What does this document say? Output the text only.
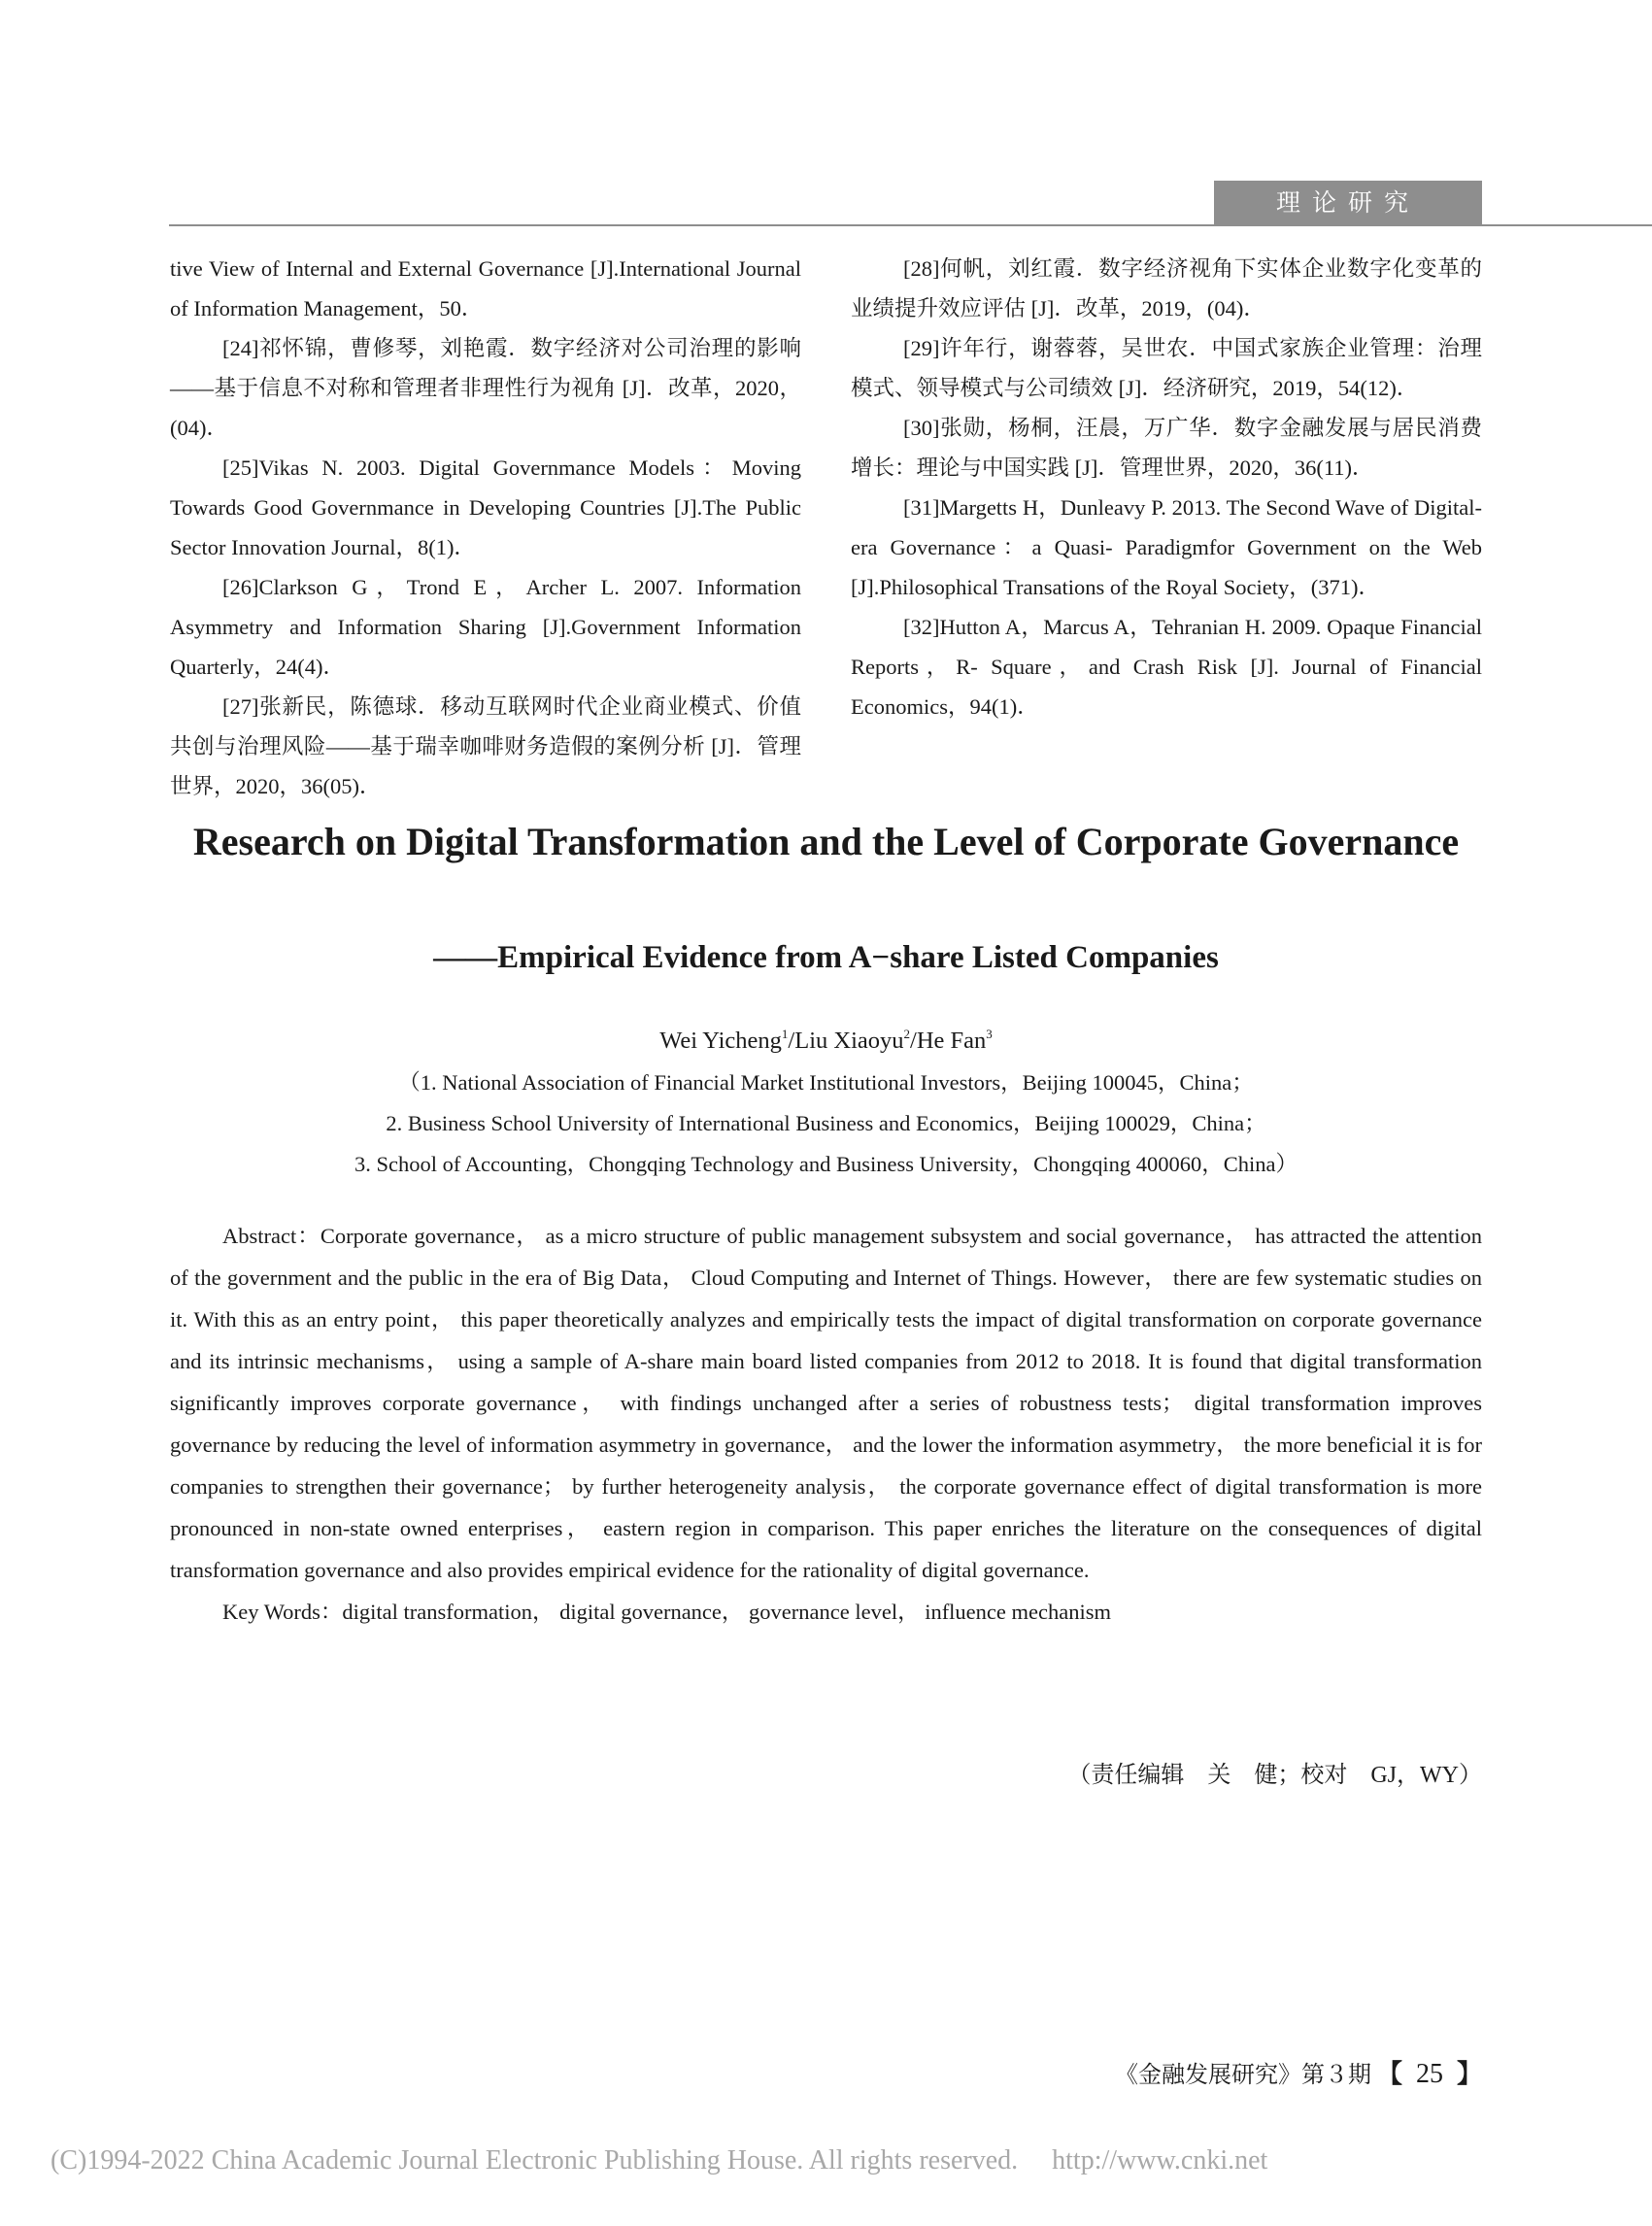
理论研究

tive View of Internal and External Governance [J].International Journal of Information Management，50．

[24]祁怀锦，曹修琴，刘艳霞．数字经济对公司治理的影响——基于信息不对称和管理者非理性行为视角 [J]．改革，2020，(04)．

[25]Vikas N. 2003. Digital Governmance Models：Moving Towards Good Governmance in Developing Countries [J].The Public Sector Innovation Journal，8(1)．

[26]Clarkson G，Trond E，Archer L. 2007. Information Asymmetry and Information Sharing [J].Government Information Quarterly，24(4)．

[27]张新民，陈德球．移动互联网时代企业商业模式、价值共创与治理风险——基于瑞幸咖啡财务造假的案例分析 [J]．管理世界，2020，36(05)．

[28]何帆，刘红霞．数字经济视角下实体企业数字化变革的业绩提升效应评估 [J]．改革，2019，(04)．

[29]许年行，谢蓉蓉，吴世农．中国式家族企业管理：治理模式、领导模式与公司绩效 [J]．经济研究，2019，54(12)．

[30]张勋，杨桐，汪晨，万广华．数字金融发展与居民消费增长：理论与中国实践 [J]．管理世界，2020，36(11)．

[31]Margetts H，Dunleavy P. 2013. The Second Wave of Digital- era Governance：a Quasi- Paradigmfor Government on the Web [J].Philosophical Transations of the Royal Society，(371)．

[32]Hutton A，Marcus A，Tehranian H. 2009. Opaque Financial Reports，R- Square，and Crash Risk [J]. Journal of Financial Economics，94(1)．

Research on Digital Transformation and the Level of Corporate Governance
——Empirical Evidence from A−share Listed Companies
Wei Yicheng$^1$/Liu Xiaoyu$^2$/He Fan$^3$
（1. National Association of Financial Market Institutional Investors，Beijing 100045，China；
2. Business School University of International Business and Economics，Beijing 100029，China；
3. School of Accounting，Chongqing Technology and Business University，Chongqing 400060，China）

Abstract：Corporate governance， as a micro structure of public management subsystem and social governance， has attracted the attention of the government and the public in the era of Big Data， Cloud Computing and Internet of Things. However， there are few systematic studies on it. With this as an entry point， this paper theoretically analyzes and empirically tests the impact of digital transformation on corporate governance and its intrinsic mechanisms， using a sample of A-share main board listed companies from 2012 to 2018. It is found that digital transformation significantly improves corporate governance， with findings unchanged after a series of robustness tests； digital transformation improves governance by reducing the level of information asymmetry in governance， and the lower the information asymmetry， the more beneficial it is for companies to strengthen their governance； by further heterogeneity analysis， the corporate governance effect of digital transformation is more pronounced in non-state owned enterprises， eastern region in comparison. This paper enriches the literature on the consequences of digital transformation governance and also provides empirical evidence for the rationality of digital governance.

Key Words：digital transformation， digital governance， governance level， influence mechanism

（责任编辑　关　健；校对　GJ，WY）
《金融发展研究》第３期 【 25 】
(C)1994-2022 China Academic Journal Electronic Publishing House. All rights reserved.　 http://www.cnki.net
